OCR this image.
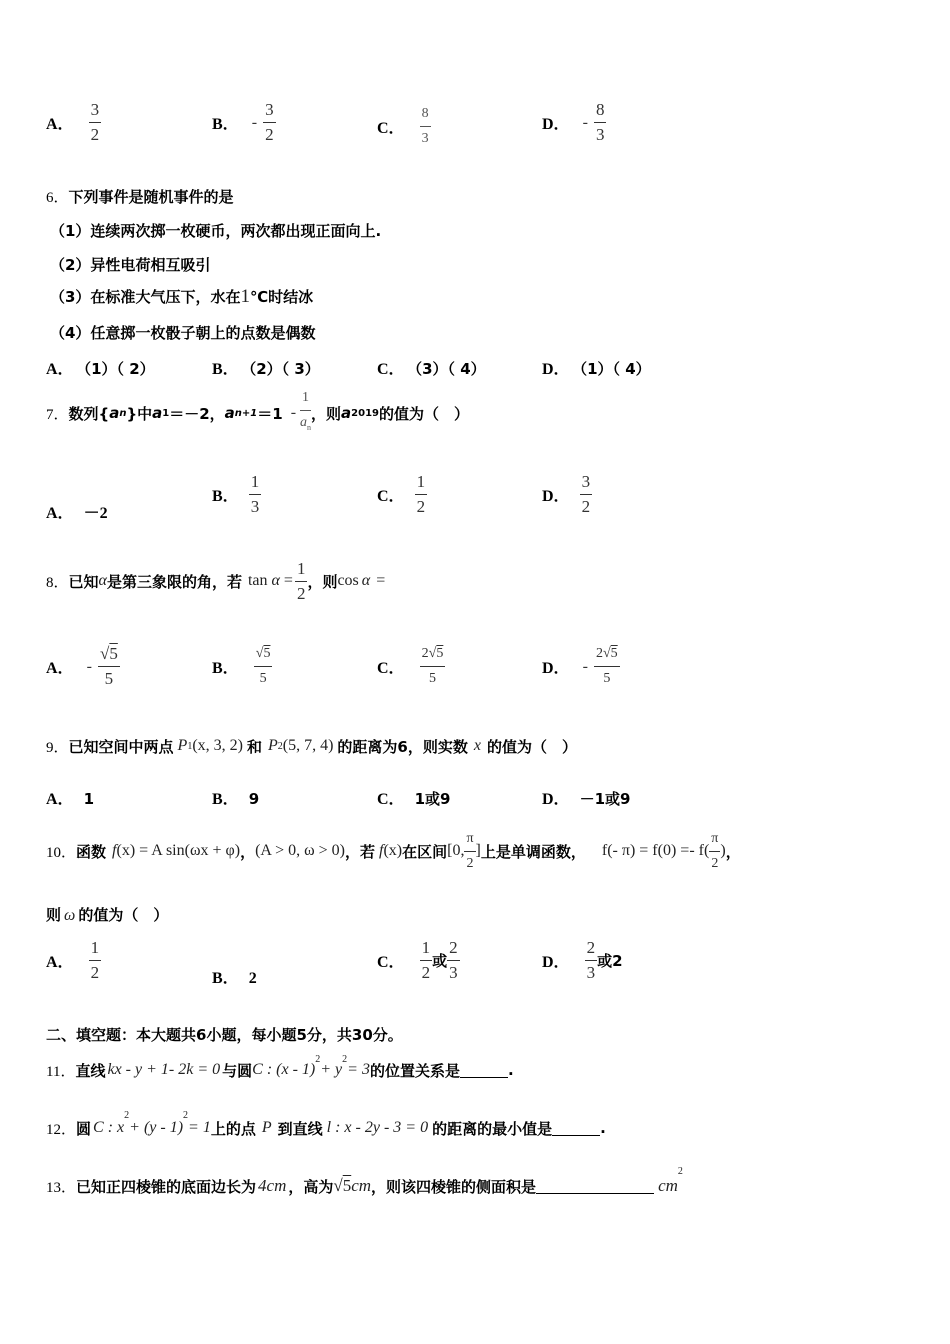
A． $\frac{3}{2}$	B． - $\frac{3}{2}$	C． $\frac{8}{3}$	D． - $\frac{8}{3}$
6．下列事件是随机事件的是
（1）连续两次掷一枚硬币，两次都出现正面向上.
（2）异性电荷相互吸引
（3）在标准大气压下，水在1℃时结冰
（4）任意掷一枚骰子朝上的点数是偶数
A． （1）（ 2）	B． （2）（ 3）	C． （3）（ 4）	D． （1）（ 4）
7． 数列{ a n }中 a 1 ＝－2， a $n+1 =1 - \frac{1}{a_n}$ ，则 a 2019 的值为（　）
A． －2
B． $\frac{1}{3}$	C． $\frac{1}{2}$	D． $\frac{3}{2}$
8． 已知 α 是第三象限的角，若 $\tan \alpha = \frac{1}{2}$ ，则 cos α =
A． - $\frac{√5}{5}$	B． $\frac{√5}{5}$	C． $\frac{2√5}{5}$	D． - $\frac{2√5}{5}$
9． 已知空间中两点 P 1 (x, 3, 2) 和 P 2 (5, 7, 4) 的距离为6，则实数 x 的值为（　）
A． 1	B． 9	C． 1或9	D． －1或9
10． 函数 f (x) = A sin(ωx + φ) ， (A > 0, ω > 0) ，若 f (x) 在区间 [0, $\frac{\pi}{2}$ ] 上是单调函数， f(- $\pi) = f(0) =- f( \frac{\pi}{2}$ ) ，
则 ω 的值为（　）
A． $\frac{1}{2}$	B． 2
C． $\frac{1}{2}$ 或 $\frac{2}{3}$	D． $\frac{2}{3}$ 或2
二、填空题：本大题共6小题，每小题5分，共30分。
11． 直线 kx - y + 1- 2k = 0 与圆 C : (x - 1)
$^2$
+ y
$^2$
= 3 的位置关系是	.
12． 圆 C : x
$^2$
+ (y - 1)
$^2$
= 1 上的点 P 到直线 l : x - 2y - 3 = 0 的距离的最小值是	.
13． 已知正四棱锥的底面边长为 4cm ，高为 √5 cm ，则该四棱锥的侧面积是	cm
$^2$
